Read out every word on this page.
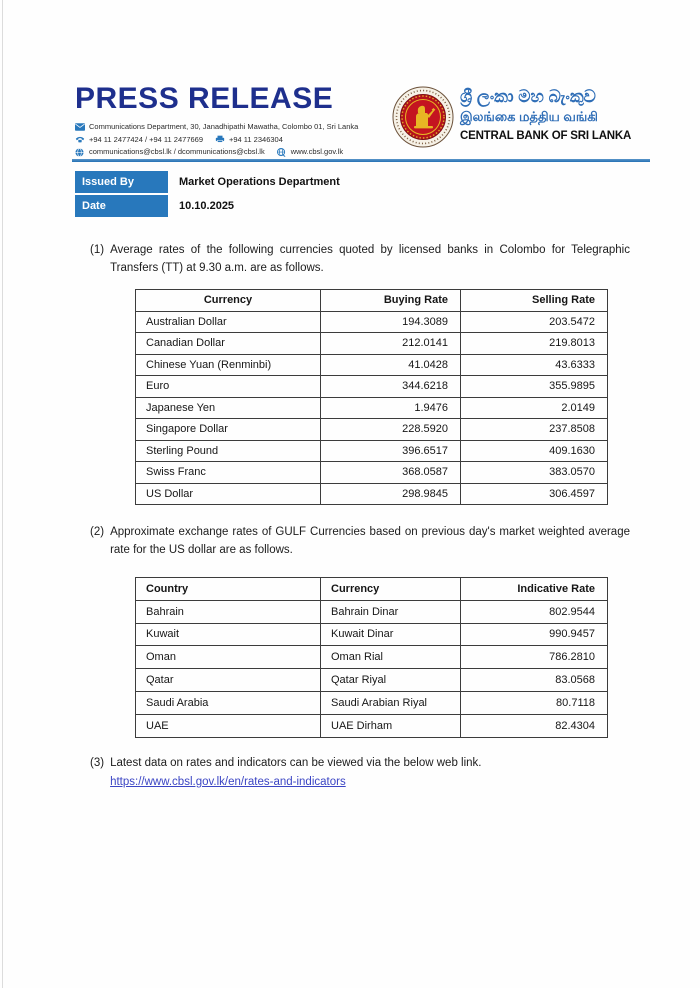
PRESS RELEASE
Communications Department, 30, Janadhipathi Mawatha, Colombo 01, Sri Lanka
+94 11 2477424 / +94 11 2477669	+94 11 2346304
communications@cbsl.lk / dcommunications@cbsl.lk	www.cbsl.gov.lk
ශ්‍රී ලංකා මහ බැංකුව
இலங்கை மத்திய வங்கி
CENTRAL BANK OF SRI LANKA
Issued By	Market Operations Department
Date	10.10.2025
(1) Average rates of the following currencies quoted by licensed banks in Colombo for Telegraphic Transfers (TT) at 9.30 a.m. are as follows.
Currency	Buying Rate	Selling Rate
Australian Dollar	194.3089	203.5472
Canadian Dollar	212.0141	219.8013
Chinese Yuan (Renminbi)	41.0428	43.6333
Euro	344.6218	355.9895
Japanese Yen	1.9476	2.0149
Singapore Dollar	228.5920	237.8508
Sterling Pound	396.6517	409.1630
Swiss Franc	368.0587	383.0570
US Dollar	298.9845	306.4597
(2) Approximate exchange rates of GULF Currencies based on previous day's market weighted average rate for the US dollar are as follows.
Country	Currency	Indicative Rate
Bahrain	Bahrain Dinar	802.9544
Kuwait	Kuwait Dinar	990.9457
Oman	Oman Rial	786.2810
Qatar	Qatar Riyal	83.0568
Saudi Arabia	Saudi Arabian Riyal	80.7118
UAE	UAE Dirham	82.4304
(3) Latest data on rates and indicators can be viewed via the below web link.
https://www.cbsl.gov.lk/en/rates-and-indicators
